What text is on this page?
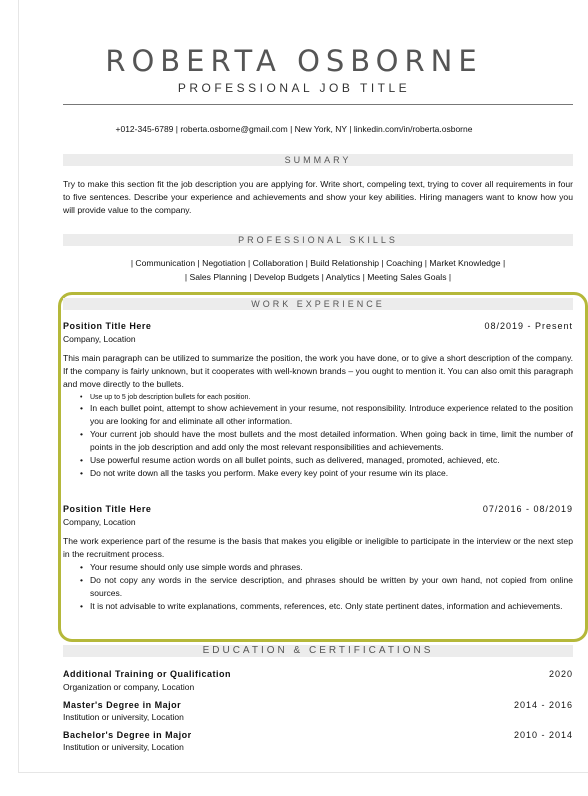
ROBERTA OSBORNE
PROFESSIONAL JOB TITLE
+012-345-6789 | roberta.osborne@gmail.com | New York, NY | linkedin.com/in/roberta.osborne
SUMMARY
Try to make this section fit the job description you are applying for. Write short, compeling text, trying to cover all requirements in four to five sentences. Describe your experience and achievements and show your key abilities. Hiring managers want to know how you will provide value to the company.
PROFESSIONAL SKILLS
| Communication | Negotiation | Collaboration | Build Relationship | Coaching | Market Knowledge |
| Sales Planning | Develop Budgets | Analytics | Meeting Sales Goals |
WORK EXPERIENCE
Position Title Here	08/2019 - Present
Company, Location
This main paragraph can be utilized to summarize the position, the work you have done, or to give a short description of the company. If the company is fairly unknown, but it cooperates with well-known brands – you ought to mention it. You can also omit this paragraph and move directly to the bullets.
• Use up to 5 job description bullets for each position.
• In each bullet point, attempt to show achievement in your resume, not responsibility. Introduce experience related to the position you are looking for and eliminate all other information.
• Your current job should have the most bullets and the most detailed information. When going back in time, limit the number of points in the job description and add only the most relevant responsibilities and achievements.
• Use powerful resume action words on all bullet points, such as delivered, managed, promoted, achieved, etc.
• Do not write down all the tasks you perform. Make every key point of your resume win its place.
Position Title Here	07/2016 - 08/2019
Company, Location
The work experience part of the resume is the basis that makes you eligible or ineligible to participate in the interview or the next step in the recruitment process.
• Your resume should only use simple words and phrases.
• Do not copy any words in the service description, and phrases should be written by your own hand, not copied from online sources.
• It is not advisable to write explanations, comments, references, etc. Only state pertinent dates, information and achievements.
EDUCATION & CERTIFICATIONS
Additional Training or Qualification	2020
Organization or company, Location
Master's Degree in Major	2014 - 2016
Institution or university, Location
Bachelor's Degree in Major	2010 - 2014
Institution or university, Location
